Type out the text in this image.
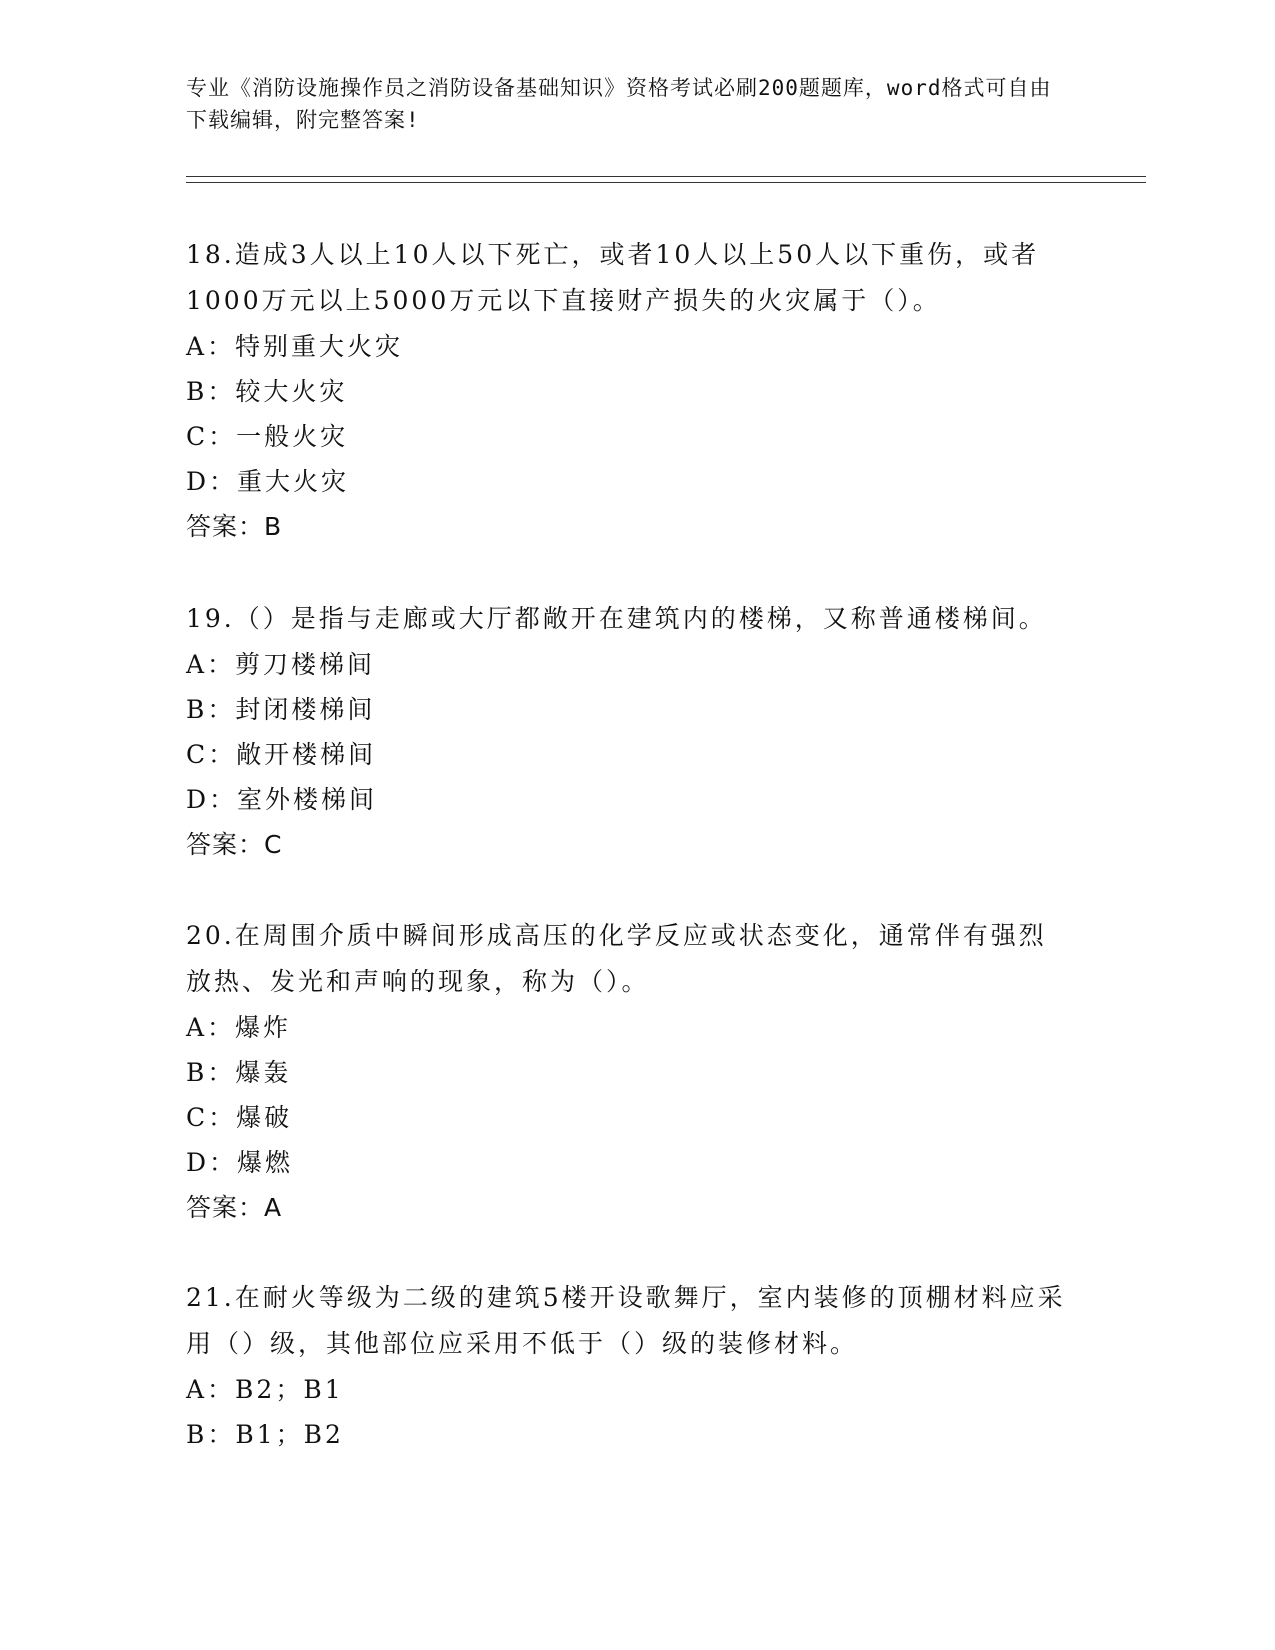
专业《消防设施操作员之消防设备基础知识》资格考试必刷200题题库，word格式可自由下载编辑，附完整答案!
18.造成3人以上10人以下死亡，或者10人以上50人以下重伤，或者1000万元以上5000万元以下直接财产损失的火灾属于（）。
A：特别重大火灾
B：较大火灾
C：一般火灾
D：重大火灾
答案：B
19.（）是指与走廊或大厅都敞开在建筑内的楼梯，又称普通楼梯间。
A：剪刀楼梯间
B：封闭楼梯间
C：敞开楼梯间
D：室外楼梯间
答案：C
20.在周围介质中瞬间形成高压的化学反应或状态变化，通常伴有强烈放热、发光和声响的现象，称为（）。
A：爆炸
B：爆轰
C：爆破
D：爆燃
答案：A
21.在耐火等级为二级的建筑5楼开设歌舞厅，室内装修的顶棚材料应采用（）级，其他部位应采用不低于（）级的装修材料。
A：B2；B1
B：B1；B2
